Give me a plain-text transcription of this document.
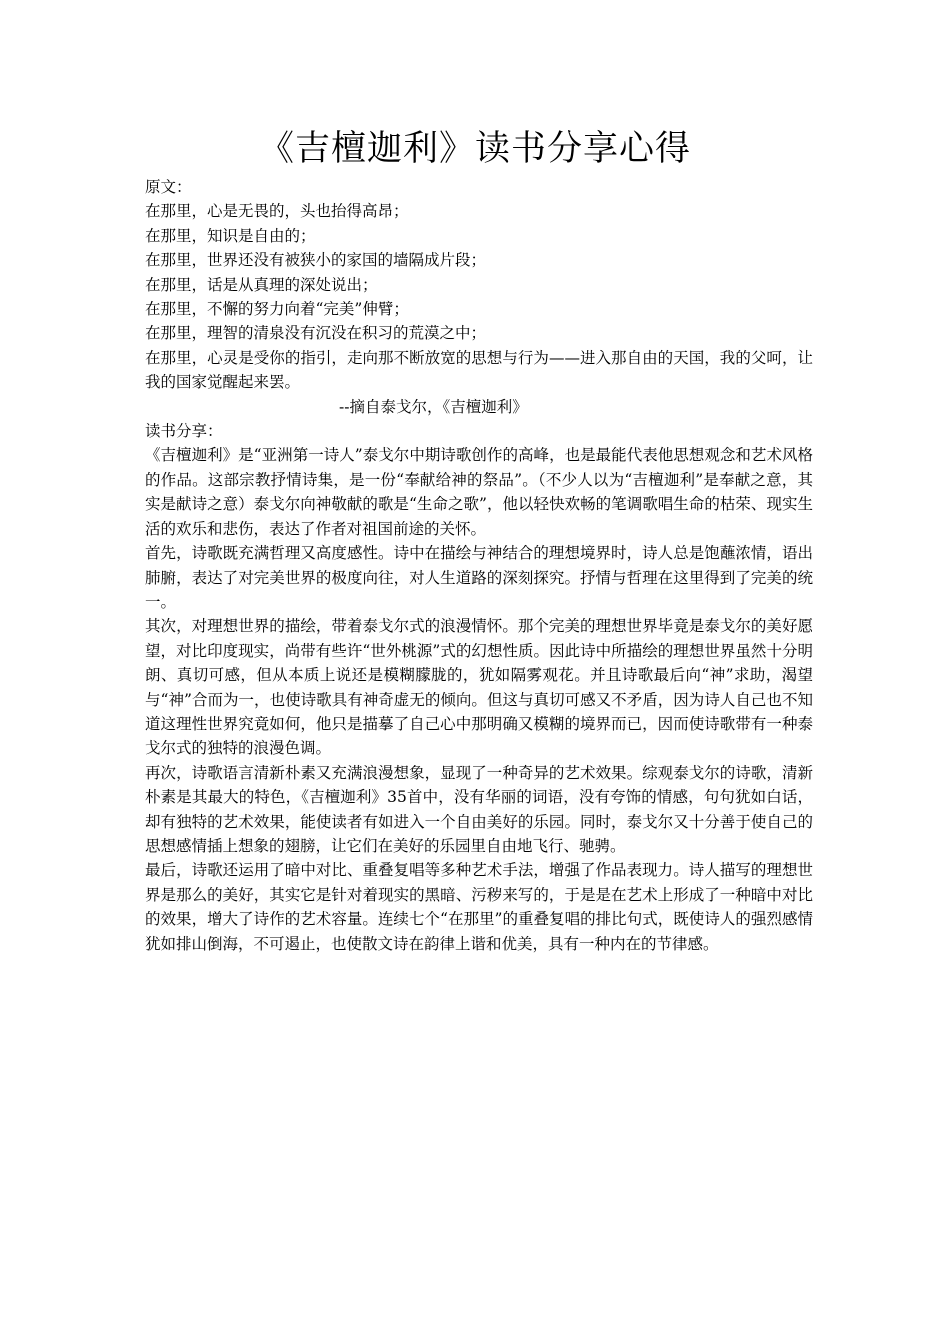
《吉檀迦利》读书分享心得

原文：

在那里，心是无畏的，头也抬得高昂；

在那里，知识是自由的；

在那里，世界还没有被狭小的家国的墙隔成片段；

在那里，话是从真理的深处说出；

在那里，不懈的努力向着“完美”伸臂；

在那里，理智的清泉没有沉没在积习的荒漠之中；

在那里，心灵是受你的指引，走向那不断放宽的思想与行为——进入那自由的天国，我的父呵，让我的国家觉醒起来罢。

--摘自泰戈尔，《吉檀迦利》

读书分享：

《吉檀迦利》是“亚洲第一诗人”泰戈尔中期诗歌创作的高峰，也是最能代表他思想观念和艺术风格的作品。这部宗教抒情诗集，是一份“奉献给神的祭品”。（不少人以为“吉檀迦利”是奉献之意，其实是献诗之意）泰戈尔向神敬献的歌是“生命之歌”，他以轻快欢畅的笔调歌唱生命的枯荣、现实生活的欢乐和悲伤，表达了作者对祖国前途的关怀。

首先，诗歌既充满哲理又高度感性。诗中在描绘与神结合的理想境界时，诗人总是饱蘸浓情，语出肺腑，表达了对完美世界的极度向往，对人生道路的深刻探究。抒情与哲理在这里得到了完美的统一。

其次，对理想世界的描绘，带着泰戈尔式的浪漫情怀。那个完美的理想世界毕竟是泰戈尔的美好愿望，对比印度现实，尚带有些许“世外桃源”式的幻想性质。因此诗中所描绘的理想世界虽然十分明朗、真切可感，但从本质上说还是模糊朦胧的，犹如隔雾观花。并且诗歌最后向“神”求助，渴望与“神”合而为一，也使诗歌具有神奇虚无的倾向。但这与真切可感又不矛盾，因为诗人自己也不知道这理性世界究竟如何，他只是描摹了自己心中那明确又模糊的境界而已，因而使诗歌带有一种泰戈尔式的独特的浪漫色调。

再次，诗歌语言清新朴素又充满浪漫想象，显现了一种奇异的艺术效果。综观泰戈尔的诗歌，清新朴素是其最大的特色，《吉檀迦利》35首中，没有华丽的词语，没有夸饰的情感，句句犹如白话，却有独特的艺术效果，能使读者有如进入一个自由美好的乐园。同时，泰戈尔又十分善于使自己的思想感情插上想象的翅膀，让它们在美好的乐园里自由地飞行、驰骋。

最后，诗歌还运用了暗中对比、重叠复唱等多种艺术手法，增强了作品表现力。诗人描写的理想世界是那么的美好，其实它是针对着现实的黑暗、污秽来写的，于是是在艺术上形成了一种暗中对比的效果，增大了诗作的艺术容量。连续七个“在那里”的重叠复唱的排比句式，既使诗人的强烈感情犹如排山倒海，不可遏止，也使散文诗在韵律上谐和优美，具有一种内在的节律感。
